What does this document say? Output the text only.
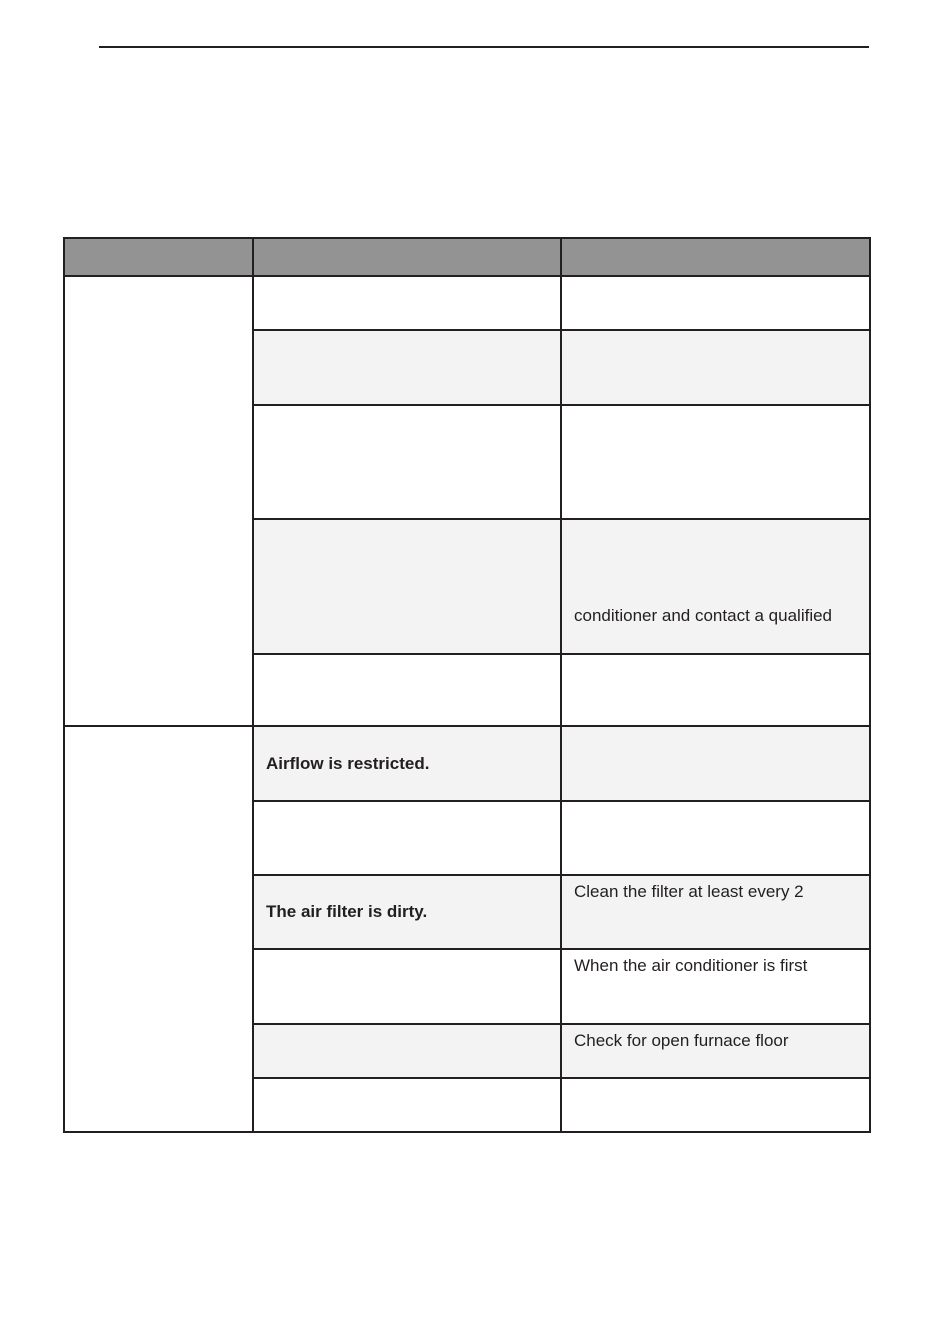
		conditioner and contact a qualified

	Airflow is restricted.	

	The air filter is dirty.	Clean the filter at least every 2

		When the air conditioner is first

		Check for open furnace floor
